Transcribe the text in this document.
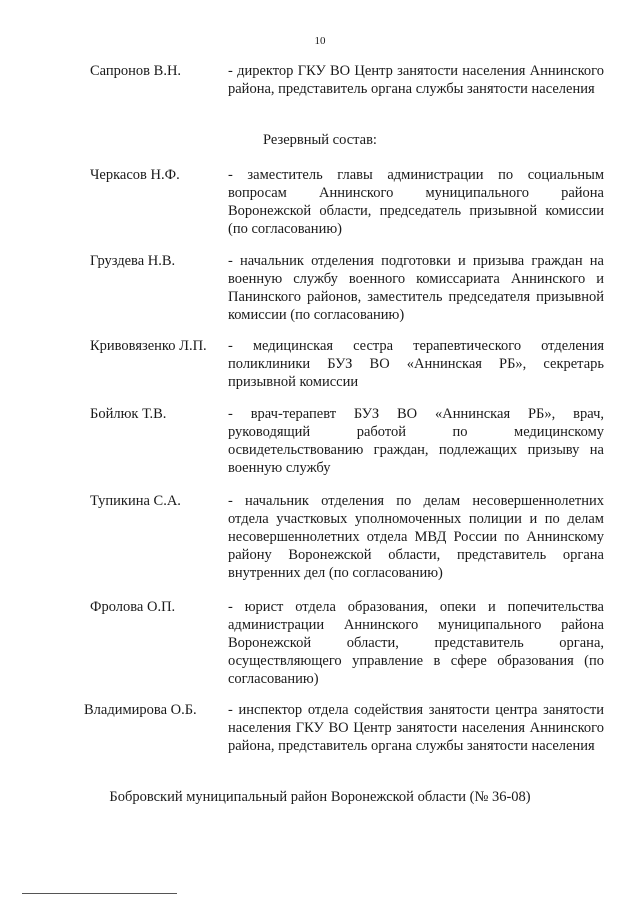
10
Сапронов В.Н.	- директор ГКУ ВО Центр занятости населения Аннинского района, представитель органа службы занятости населения
Резервный состав:
Черкасов Н.Ф.	- заместитель главы администрации по социальным вопросам Аннинского муниципального района Воронежской области, председатель призывной комиссии (по согласованию)
Груздева Н.В.	- начальник отделения подготовки и призыва граждан на военную службу военного комиссариата Аннинского и Панинского районов, заместитель председателя призывной комиссии (по согласованию)
Кривовязенко Л.П. - медицинская сестра терапевтического отделения поликлиники БУЗ ВО «Аннинская РБ», секретарь призывной комиссии
Бойлюк Т.В.	- врач-терапевт БУЗ ВО «Аннинская РБ», врач, руководящий работой по медицинскому освидетельствованию граждан, подлежащих призыву на военную службу
Тупикина С.А.	- начальник отделения по делам несовершеннолетних отдела участковых уполномоченных полиции и по делам несовершеннолетних отдела МВД России по Аннинскому району Воронежской области, представитель органа внутренних дел (по согласованию)
Фролова О.П.	- юрист отдела образования, опеки и попечительства администрации Аннинского муниципального района Воронежской области, представитель органа, осуществляющего управление в сфере образования (по согласованию)
Владимирова О.Б. - инспектор отдела содействия занятости центра занятости населения ГКУ ВО Центр занятости населения Аннинского района, представитель органа службы занятости населения
Бобровский муниципальный район Воронежской области (№ 36-08)
